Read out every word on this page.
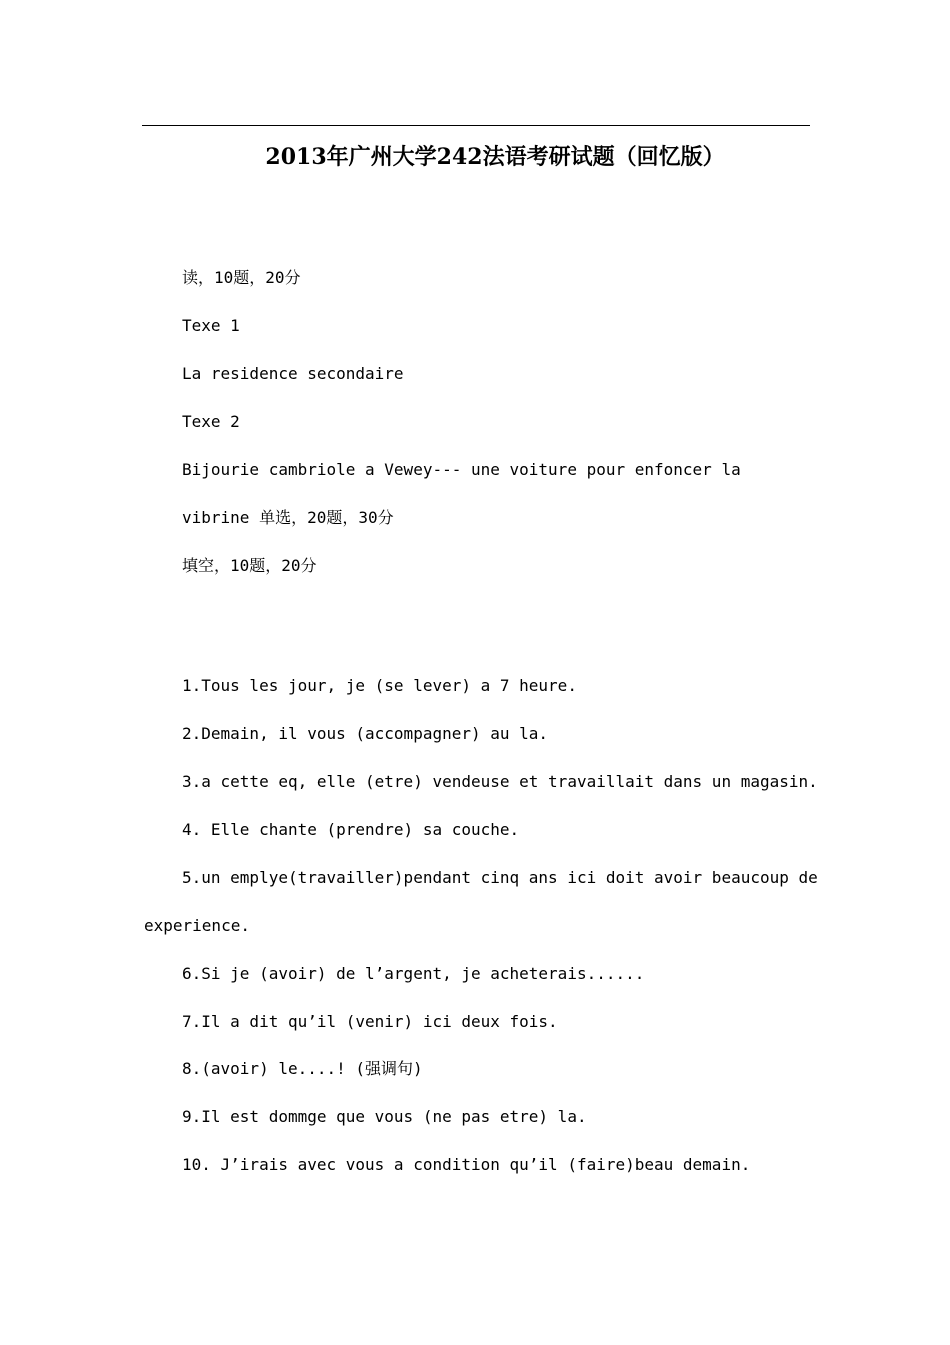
2013年广州大学242法语考研试题（回忆版）
读，10题，20分
Texe 1
La residence secondaire
Texe 2
Bijourie cambriole a Vewey--- une voiture pour enfoncer la
vibrine 单选，20题，30分
填空，10题，20分
1.Tous les jour, je (se lever) a 7 heure.
2.Demain, il vous (accompagner) au la.
3.a cette eq, elle (etre) vendeuse et travaillait dans un magasin.
4. Elle chante (prendre) sa couche.
5.un emplye(travailler)pendant cinq ans ici doit avoir beaucoup de
experience.
6.Si je (avoir) de l’argent, je acheterais......
7.Il a dit qu’il (venir) ici deux fois.
8.(avoir) le....! (强调句)
9.Il est dommge que vous (ne pas etre) la.
10. J’irais avec vous a condition qu’il (faire)beau demain.
